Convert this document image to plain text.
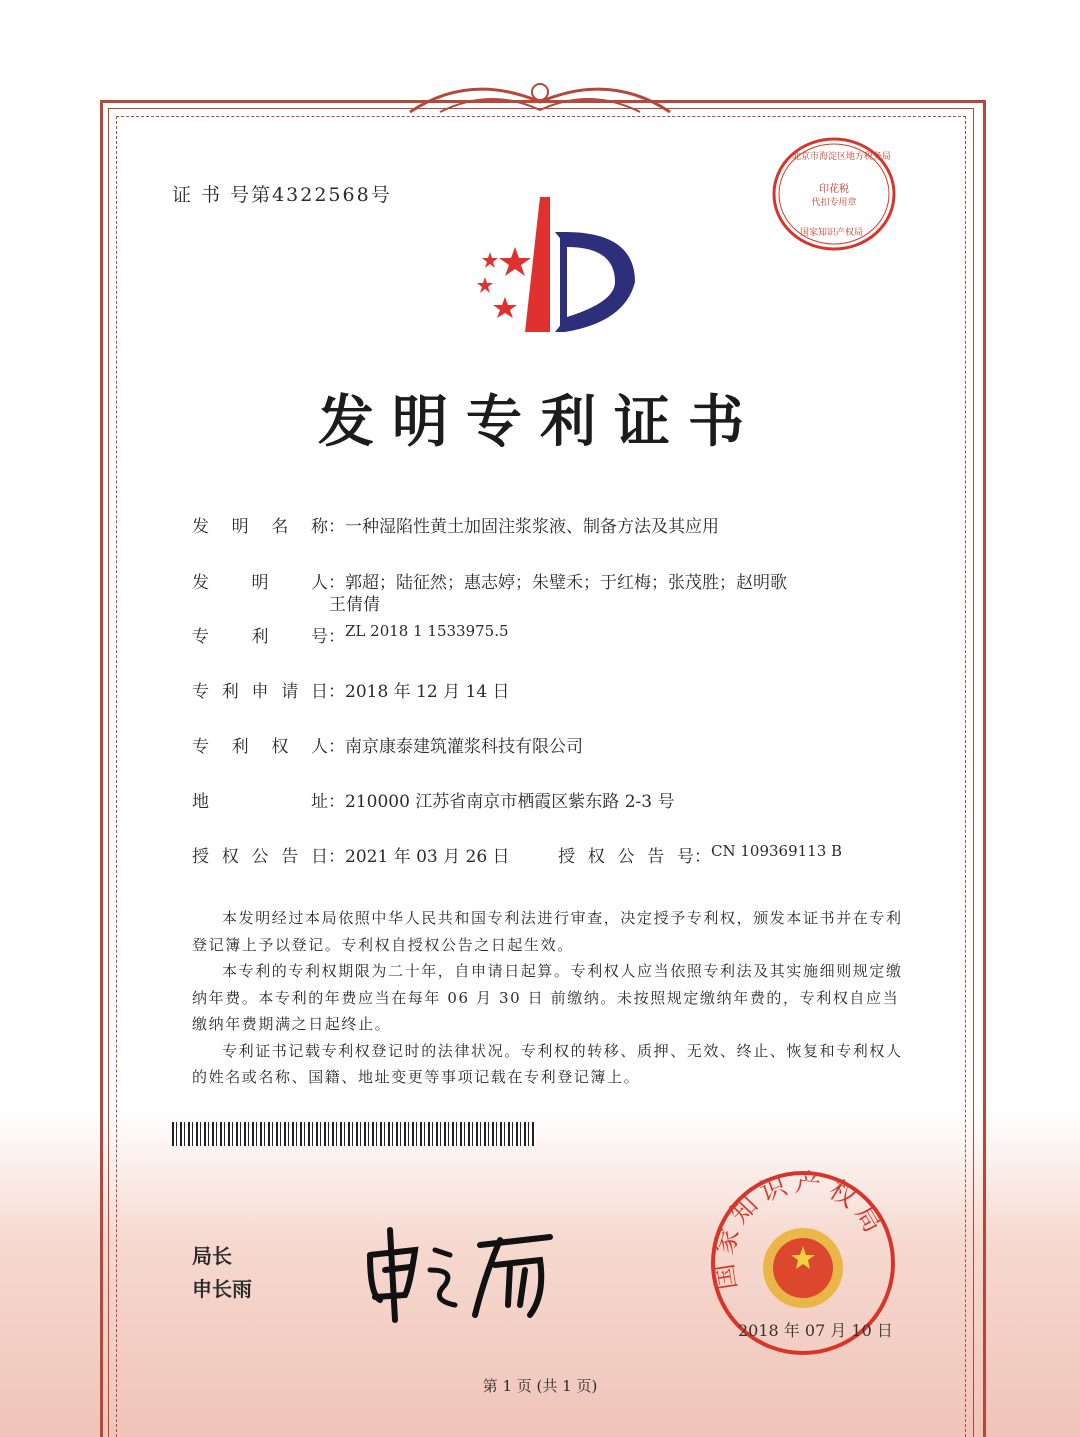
证 书 号第4322568号	印花税
代扣专用章
北京市海淀区地方税务局
国家知识产权局
发明专利证书
发明名称 ： 一种湿陷性黄土加固注浆浆液、制备方法及其应用
发明人 ： 郭超；陆征然；惠志婷；朱璧禾；于红梅；张茂胜；赵明歌
王倩倩
专利号 ： ZL 2018 1 1533975.5
专利申请日 ： 2018 年 12 月 14 日
专利权人 ： 南京康泰建筑灌浆科技有限公司
地址 ： 210000 江苏省南京市栖霞区紫东路 2-3 号
授权公告日 ： 2021 年 03 月 26 日	授权公告号 ： CN 109369113 B

本发明经过本局依照中华人民共和国专利法进行审查，决定授予专利权，颁发本证书并在专利登记簿上予以登记。专利权自授权公告之日起生效。

本专利的专利权期限为二十年，自申请日起算。专利权人应当依照专利法及其实施细则规定缴纳年费。本专利的年费应当在每年 06 月 30 日 前缴纳。未按照规定缴纳年费的，专利权自应当缴纳年费期满之日起终止。

专利证书记载专利权登记时的法律状况。专利权的转移、质押、无效、终止、恢复和专利权人的姓名或名称、国籍、地址变更等事项记载在专利登记簿上。

局长
申长雨	国家知识产权局
2018 年 07 月 10 日
第 1 页 (共 1 页)
